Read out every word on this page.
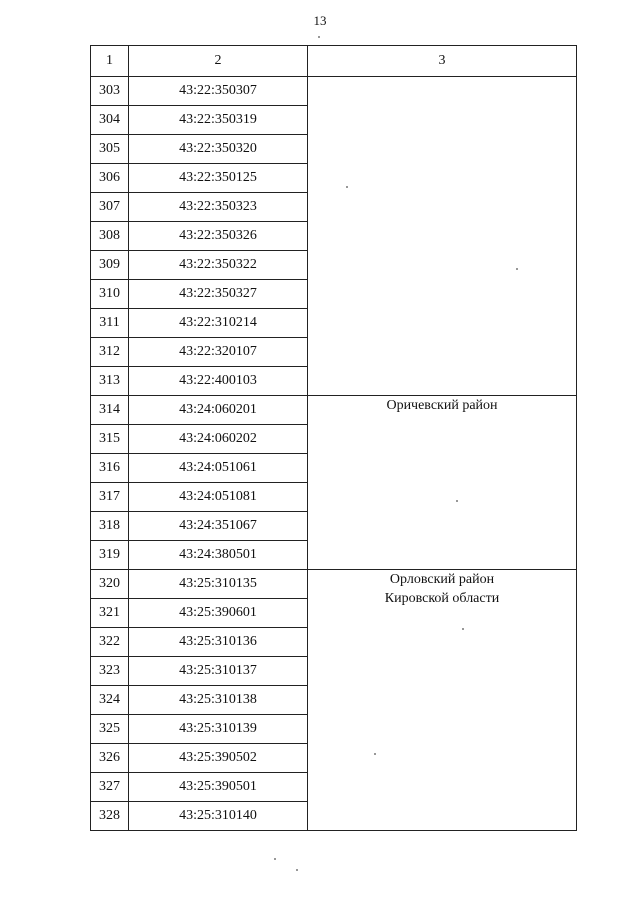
13
1	2	3
303	43:22:350307	
304	43:22:350319	
305	43:22:350320	
306	43:22:350125	
307	43:22:350323	
308	43:22:350326	
309	43:22:350322	
310	43:22:350327	
311	43:22:310214	
312	43:22:320107	
313	43:22:400103	
314	43:24:060201	Оричевский район

315	43:24:060202	
316	43:24:051061	
317	43:24:051081	
318	43:24:351067	
319	43:24:380501	
320	43:25:310135	Орловский район
Кировской области

321	43:25:390601	
322	43:25:310136	
323	43:25:310137	
324	43:25:310138	
325	43:25:310139	
326	43:25:390502	
327	43:25:390501	
328	43:25:310140	
